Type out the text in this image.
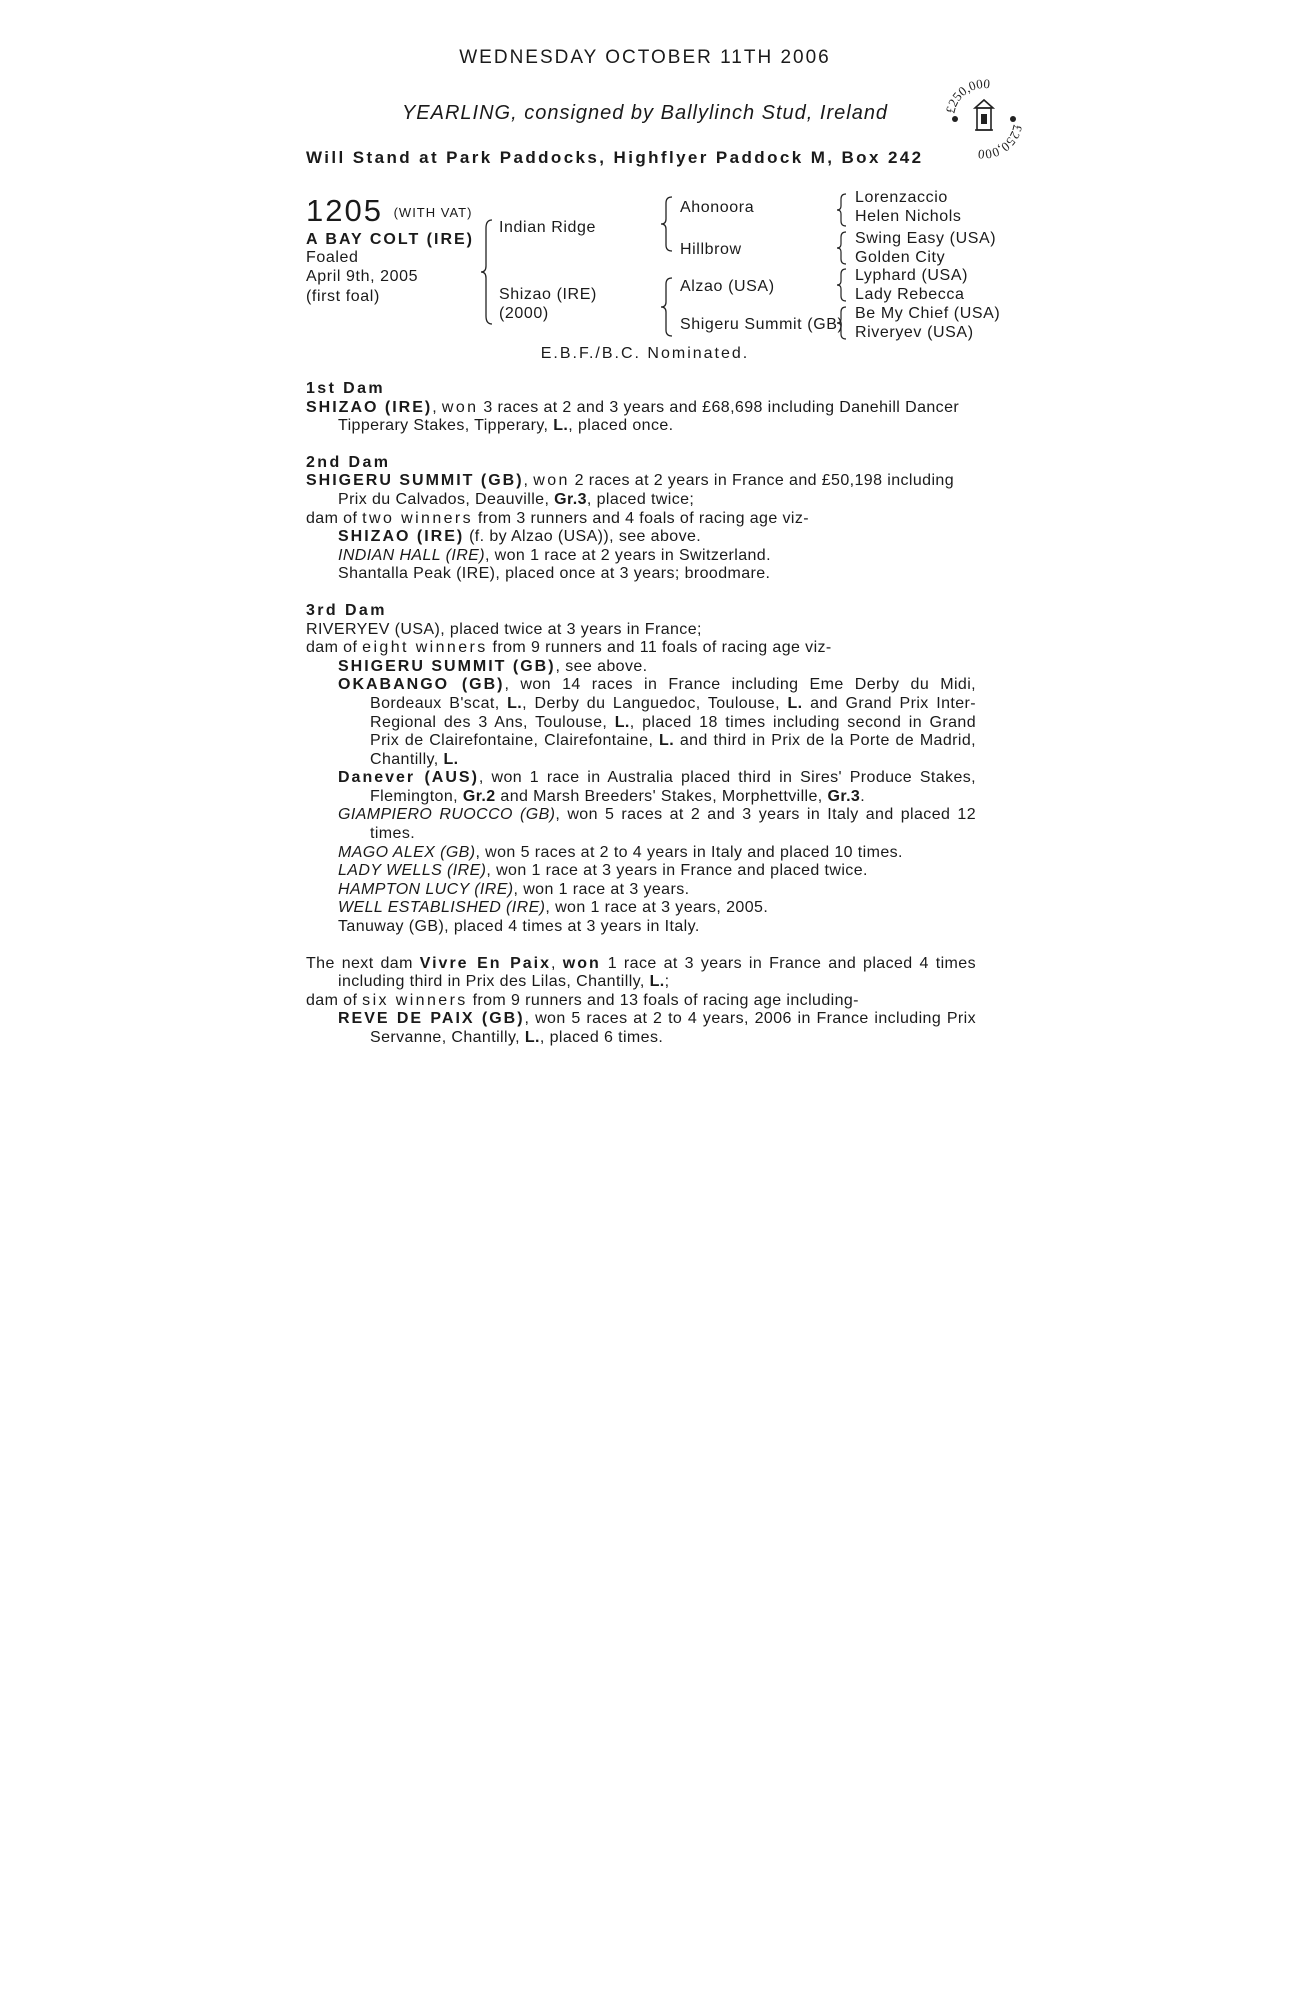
WEDNESDAY OCTOBER 11TH 2006
YEARLING, consigned by Ballylinch Stud, Ireland
Will Stand at Park Paddocks, Highflyer Paddock M, Box 242
£250,000
£250,000
1205 (WITH VAT)
A BAY COLT (IRE)
Foaled
April 9th, 2005
(first foal)
Indian Ridge
Shizao (IRE)
(2000)
Ahonoora
Hillbrow
Alzao (USA)
Shigeru Summit (GB)
Lorenzaccio
Helen Nichols
Swing Easy (USA)
Golden City
Lyphard (USA)
Lady Rebecca
Be My Chief (USA)
Riveryev (USA)
E.B.F./B.C. Nominated.

1st Dam

SHIZAO (IRE), won 3 races at 2 and 3 years and £68,698 including Danehill Dancer Tipperary Stakes, Tipperary, L., placed once.

2nd Dam

SHIGERU SUMMIT (GB), won 2 races at 2 years in France and £50,198 including Prix du Calvados, Deauville, Gr.3, placed twice;

dam of two winners from 3 runners and 4 foals of racing age viz-

SHIZAO (IRE) (f. by Alzao (USA)), see above.

INDIAN HALL (IRE), won 1 race at 2 years in Switzerland.

Shantalla Peak (IRE), placed once at 3 years; broodmare.

3rd Dam

RIVERYEV (USA), placed twice at 3 years in France;

dam of eight winners from 9 runners and 11 foals of racing age viz-

SHIGERU SUMMIT (GB), see above.

OKABANGO (GB), won 14 races in France including Eme Derby du Midi, Bordeaux B'scat, L., Derby du Languedoc, Toulouse, L. and Grand Prix Inter-Regional des 3 Ans, Toulouse, L., placed 18 times including second in Grand Prix de Clairefontaine, Clairefontaine, L. and third in Prix de la Porte de Madrid, Chantilly, L.

Danever (AUS), won 1 race in Australia placed third in Sires' Produce Stakes, Flemington, Gr.2 and Marsh Breeders' Stakes, Morphettville, Gr.3.

GIAMPIERO RUOCCO (GB), won 5 races at 2 and 3 years in Italy and placed 12 times.

MAGO ALEX (GB), won 5 races at 2 to 4 years in Italy and placed 10 times.

LADY WELLS (IRE), won 1 race at 3 years in France and placed twice.

HAMPTON LUCY (IRE), won 1 race at 3 years.

WELL ESTABLISHED (IRE), won 1 race at 3 years, 2005.

Tanuway (GB), placed 4 times at 3 years in Italy.

The next dam Vivre En Paix, won 1 race at 3 years in France and placed 4 times including third in Prix des Lilas, Chantilly, L.;

dam of six winners from 9 runners and 13 foals of racing age including-

REVE DE PAIX (GB), won 5 races at 2 to 4 years, 2006 in France including Prix Servanne, Chantilly, L., placed 6 times.
